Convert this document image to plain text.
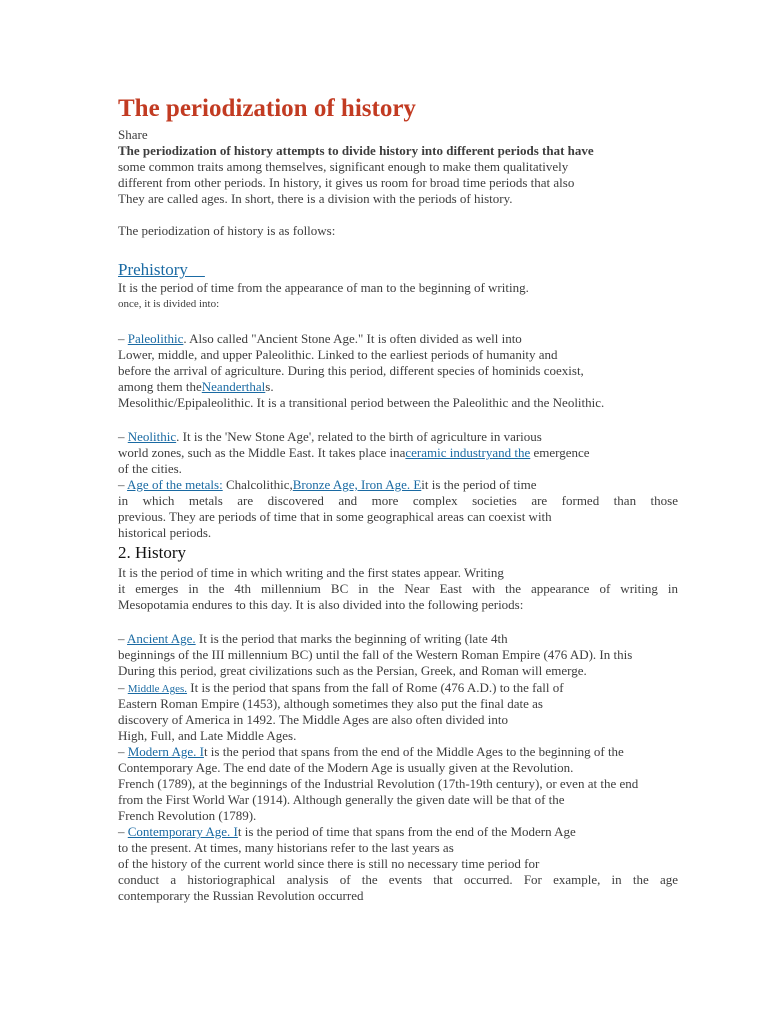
The periodization of history
Share
The periodization of history attempts to divide history into different periods that have
some common traits among themselves, significant enough to make them qualitatively
different from other periods. In history, it gives us room for broad time periods that also
They are called ages. In short, there is a division with the periods of history.
The periodization of history is as follows:
Prehistory
It is the period of time from the appearance of man to the beginning of writing.
once, it is divided into:
– Paleolithic. Also called "Ancient Stone Age." It is often divided as well into
Lower, middle, and upper Paleolithic. Linked to the earliest periods of humanity and
before the arrival of agriculture. During this period, different species of hominids coexist,
among them theNeanderthals.
Mesolithic/Epipaleolithic. It is a transitional period between the Paleolithic and the Neolithic.
– Neolithic. It is the 'New Stone Age', related to the birth of agriculture in various
world zones, such as the Middle East. It takes place inaceramic industryand the emergence
of the cities.
– Age of the metals: Chalcolithic,Bronze Age, Iron Age. Eit is the period of time
in which metals are discovered and more complex societies are formed than those
previous. They are periods of time that in some geographical areas can coexist with
historical periods.
2. History
It is the period of time in which writing and the first states appear. Writing
it emerges in the 4th millennium BC in the Near East with the appearance of writing in
Mesopotamia endures to this day. It is also divided into the following periods:
– Ancient Age. It is the period that marks the beginning of writing (late 4th
beginnings of the III millennium BC) until the fall of the Western Roman Empire (476 AD). In this
During this period, great civilizations such as the Persian, Greek, and Roman will emerge.
– Middle Ages. It is the period that spans from the fall of Rome (476 A.D.) to the fall of
Eastern Roman Empire (1453), although sometimes they also put the final date as
discovery of America in 1492. The Middle Ages are also often divided into
High, Full, and Late Middle Ages.
– Modern Age. It is the period that spans from the end of the Middle Ages to the beginning of the
Contemporary Age. The end date of the Modern Age is usually given at the Revolution.
French (1789), at the beginnings of the Industrial Revolution (17th-19th century), or even at the end
from the First World War (1914). Although generally the given date will be that of the
French Revolution (1789).
– Contemporary Age. It is the period of time that spans from the end of the Modern Age
to the present. At times, many historians refer to the last years as
of the history of the current world since there is still no necessary time period for
conduct a historiographical analysis of the events that occurred. For example, in the age
contemporary the Russian Revolution occurred
